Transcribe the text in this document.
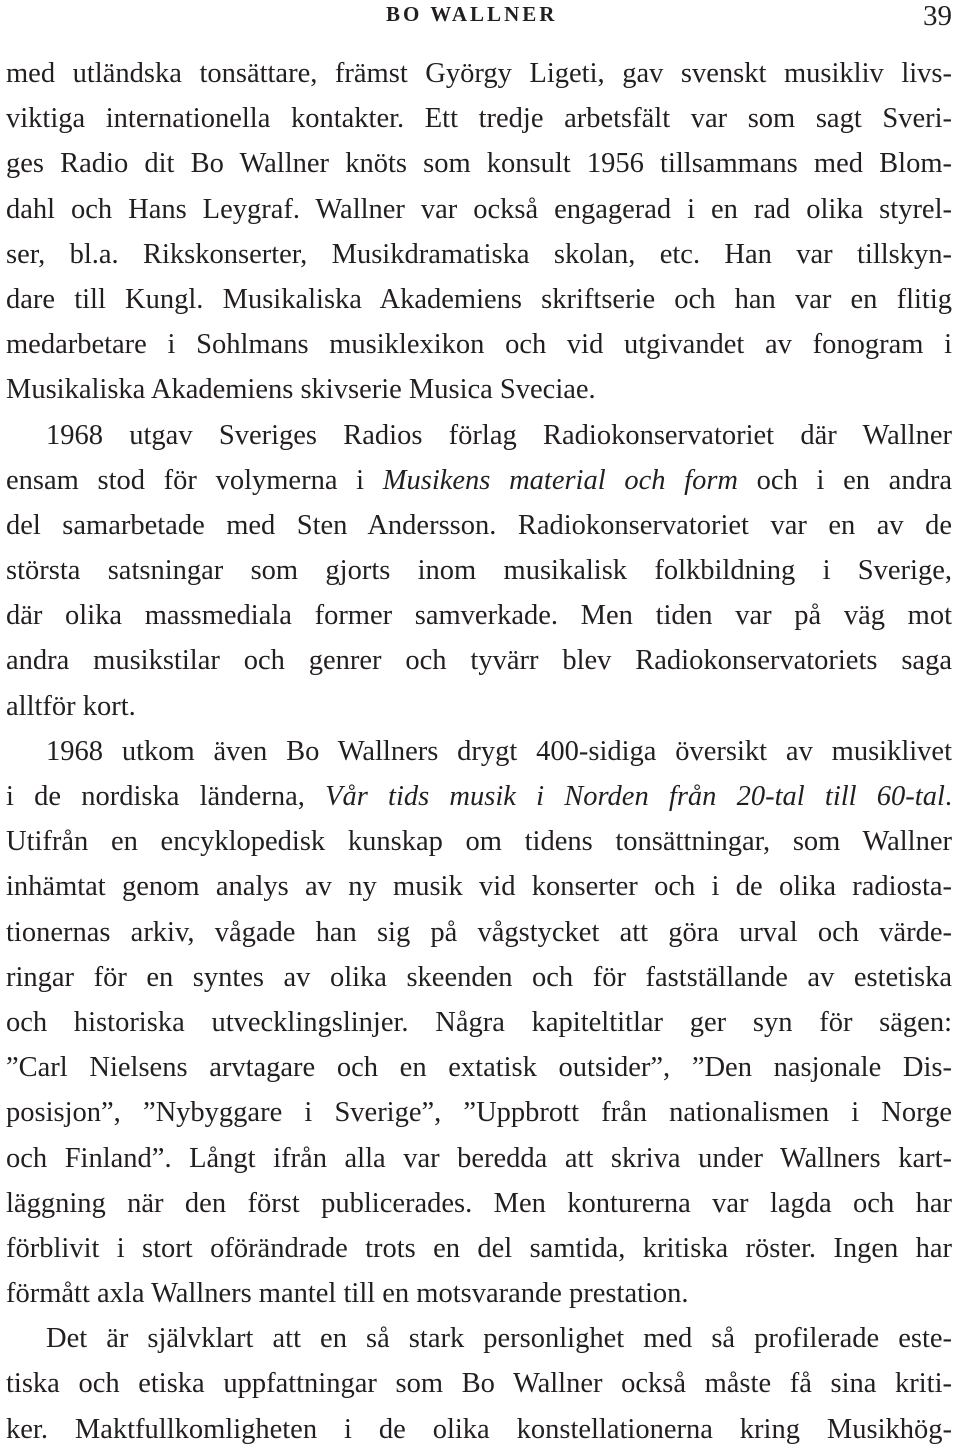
BO WALLNER	39
med utländska tonsättare, främst György Ligeti, gav svenskt musikliv livs-
viktiga internationella kontakter. Ett tredje arbetsfält var som sagt Sveri-
ges Radio dit Bo Wallner knöts som konsult 1956 tillsammans med Blom-
dahl och Hans Leygraf. Wallner var också engagerad i en rad olika styrel-
ser, bl.a. Rikskonserter, Musikdramatiska skolan, etc. Han var tillskyn-
dare till Kungl. Musikaliska Akademiens skriftserie och han var en flitig
medarbetare i Sohlmans musiklexikon och vid utgivandet av fonogram i
Musikaliska Akademiens skivserie Musica Sveciae.
1968 utgav Sveriges Radios förlag Radiokonservatoriet där Wallner
ensam stod för volymerna i Musikens material och form och i en andra
del samarbetade med Sten Andersson. Radiokonservatoriet var en av de
största satsningar som gjorts inom musikalisk folkbildning i Sverige,
där olika massmediala former samverkade. Men tiden var på väg mot
andra musikstilar och genrer och tyvärr blev Radiokonservatoriets saga
alltför kort.
1968 utkom även Bo Wallners drygt 400-sidiga översikt av musiklivet
i de nordiska länderna, Vår tids musik i Norden från 20-tal till 60-tal.
Utifrån en encyklopedisk kunskap om tidens tonsättningar, som Wallner
inhämtat genom analys av ny musik vid konserter och i de olika radiosta-
tionernas arkiv, vågade han sig på vågstycket att göra urval och värde-
ringar för en syntes av olika skeenden och för fastställande av estetiska
och historiska utvecklingslinjer. Några kapiteltitlar ger syn för sägen:
”Carl Nielsens arvtagare och en extatisk outsider”, ”Den nasjonale Dis-
posisjon”, ”Nybyggare i Sverige”, ”Uppbrott från nationalismen i Norge
och Finland”. Långt ifrån alla var beredda att skriva under Wallners kart-
läggning när den först publicerades. Men konturerna var lagda och har
förblivit i stort oförändrade trots en del samtida, kritiska röster. Ingen har
förmått axla Wallners mantel till en motsvarande prestation.
Det är självklart att en så stark personlighet med så profilerade este-
tiska och etiska uppfattningar som Bo Wallner också måste få sina kriti-
ker. Maktfullkomligheten i de olika konstellationerna kring Musikhög-
